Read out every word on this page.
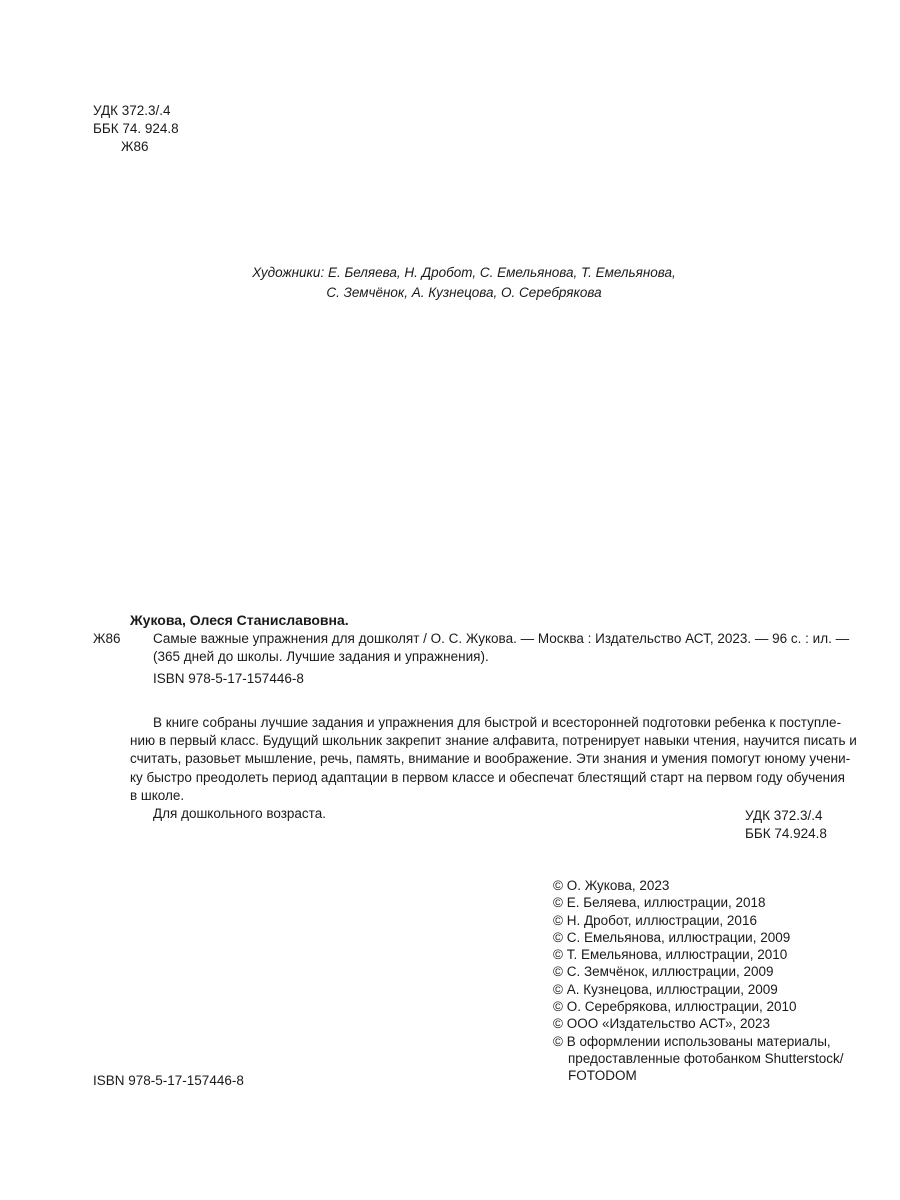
УДК 372.3/.4
ББК 74. 924.8
Ж86
Художники: Е. Беляева, Н. Дробот, С. Емельянова, Т. Емельянова,
С. Земчёнок, А. Кузнецова, О. Серебрякова
Жукова, Олеся Станиславовна.
Ж86 Самые важные упражнения для дошколят / О. С. Жукова. — Москва : Издательство АСТ, 2023. — 96 с. : ил. —
(365 дней до школы. Лучшие задания и упражнения).
ISBN 978-5-17-157446-8
В книге собраны лучшие задания и упражнения для быстрой и всесторонней подготовки ребенка к поступле-
нию в первый класс. Будущий школьник закрепит знание алфавита, потренирует навыки чтения, научится писать и
считать, разовьет мышление, речь, память, внимание и воображение. Эти знания и умения помогут юному учени-
ку быстро преодолеть период адаптации в первом классе и обеспечат блестящий старт на первом году обучения
в школе.
Для дошкольного возраста.	УДК 372.3/.4
ББК 74.924.8
© О. Жукова, 2023
© Е. Беляева, иллюстрации, 2018
© Н. Дробот, иллюстрации, 2016
© С. Емельянова, иллюстрации, 2009
© Т. Емельянова, иллюстрации, 2010
© С. Земчёнок, иллюстрации, 2009
© А. Кузнецова, иллюстрации, 2009
© О. Серебрякова, иллюстрации, 2010
© ООО «Издательство АСТ», 2023
© В оформлении использованы материалы,
предоставленные фотобанком Shutterstock/
FOTODOM
ISBN 978-5-17-157446-8
